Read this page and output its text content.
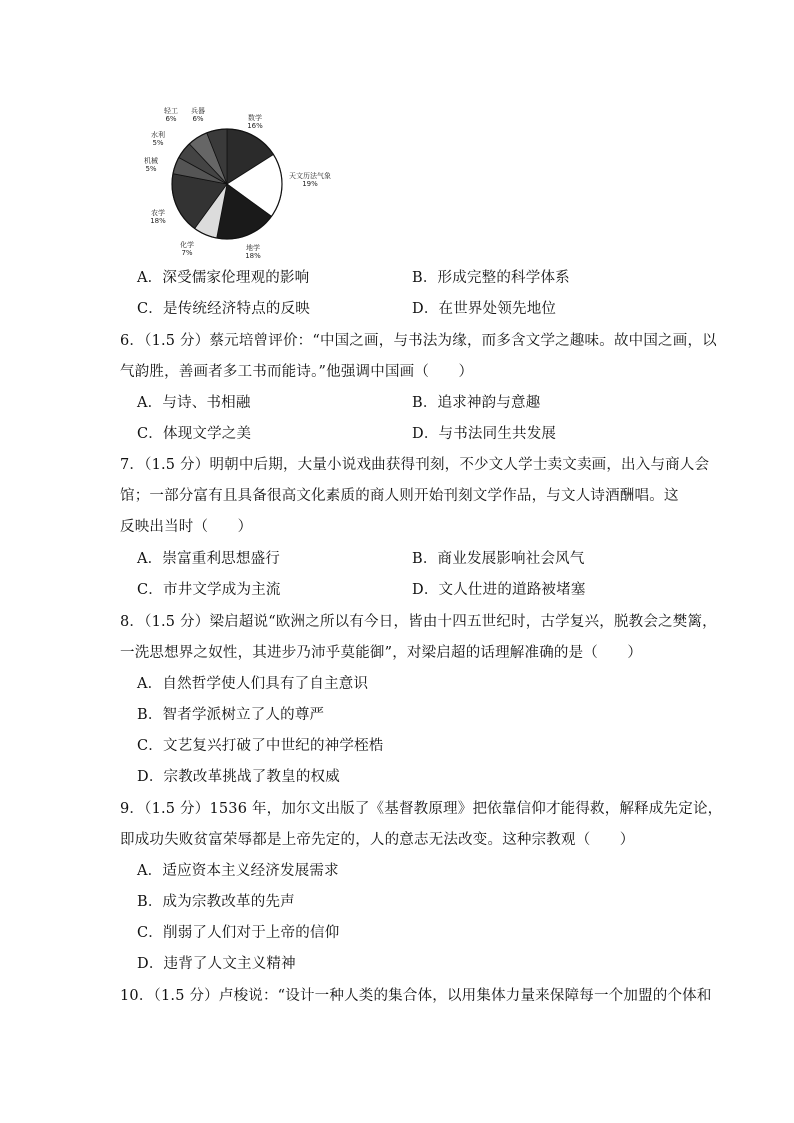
数学
16%
天文历法气象
19%
地学
18%
化学
7%
农学
18%
机械
5%
水利
5%
轻工
6%
兵器
6%
A．深受儒家伦理观的影响	B．形成完整的科学体系
C．是传统经济特点的反映	D．在世界处领先地位
6．（1.5 分）蔡元培曾评价：“中国之画，与书法为缘，而多含文学之趣味。故中国之画，以
气韵胜，善画者多工书而能诗。”他强调中国画（　　）
A．与诗、书相融	B．追求神韵与意趣
C．体现文学之美	D．与书法同生共发展
7．（1.5 分）明朝中后期，大量小说戏曲获得刊刻，不少文人学士卖文卖画，出入与商人会
馆；一部分富有且具备很高文化素质的商人则开始刊刻文学作品，与文人诗酒酬唱。这
反映出当时（　　）
A．崇富重利思想盛行	B．商业发展影响社会风气
C．市井文学成为主流	D．文人仕进的道路被堵塞
8．（1.5 分）梁启超说“欧洲之所以有今日，皆由十四五世纪时，古学复兴，脱教会之樊篱，
一洗思想界之奴性，其进步乃沛乎莫能御”，对梁启超的话理解准确的是（　　）
A．自然哲学使人们具有了自主意识
B．智者学派树立了人的尊严
C．文艺复兴打破了中世纪的神学桎梏
D．宗教改革挑战了教皇的权威
9．（1.5 分）1536 年，加尔文出版了《基督教原理》把依靠信仰才能得救，解释成先定论，
即成功失败贫富荣辱都是上帝先定的，人的意志无法改变。这种宗教观（　　）
A．适应资本主义经济发展需求
B．成为宗教改革的先声
C．削弱了人们对于上帝的信仰
D．违背了人文主义精神
10．（1.5 分）卢梭说：“设计一种人类的集合体，以用集体力量来保障每一个加盟的个体和
